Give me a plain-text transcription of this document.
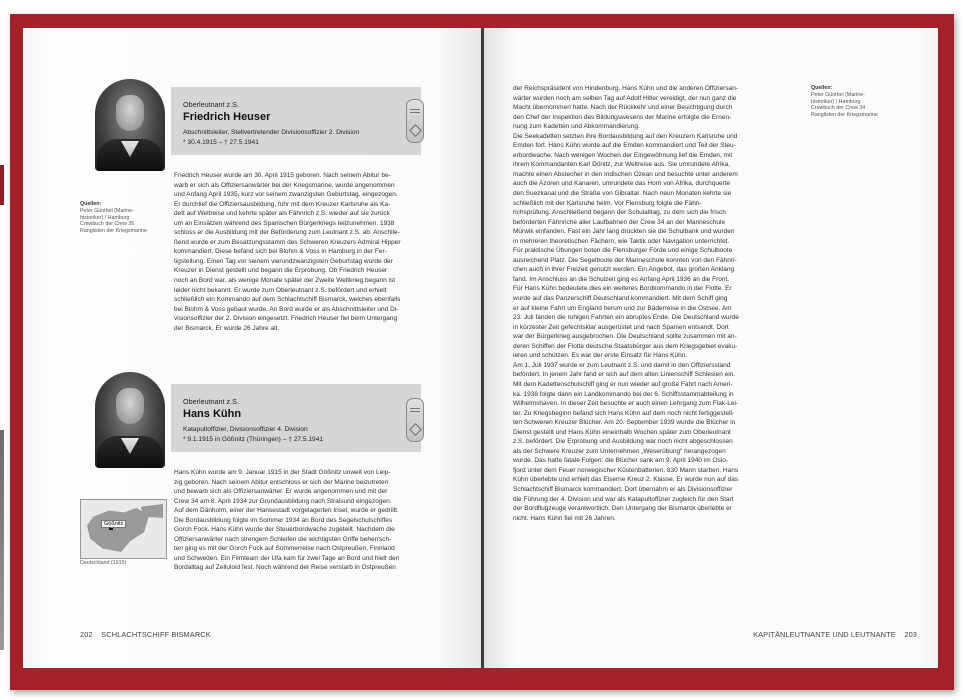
Oberleutnant z.S.
Friedrich Heuser
Abschnittsleiter, Stellvertretender Divisionsoffizier 2. Division
* 30.4.1915 – † 27.5.1941
Quellen:
Peter Günthel (Marine-
historiker) / Hamburg
Crewbuch der Crew 35
Ranglisten der Kriegsmarine
Friedrich Heuser wurde am 30. April 1915 geboren. Nach seinem Abitur be-
warb er sich als Offiziersanwärter bei der Kriegsmarine, wurde angenommen
und Anfang April 1935, kurz vor seinem zwanzigsten Geburtstag, eingezogen.
Er durchlief die Offiziersausbildung, fuhr mit dem Kreuzer Karlsruhe als Ka-
dett auf Weltreise und kehrte später als Fähnrich z.S. wieder auf sie zurück
um an Einsätzen während des Spanischen Bürgerkriegs teilzunehmen. 1938
schloss er die Ausbildung mit der Beförderung zum Leutnant z.S. ab. Anschlie-
ßend wurde er zum Besatzungsstamm des Schweren Kreuzers Admiral Hipper
kommandiert. Diese befand sich bei Blohm & Voss in Hamburg in der Fer-
tigstellung. Einen Tag vor seinem vierundzwanzigsten Geburtstag wurde der
Kreuzer in Dienst gestellt und begann die Erprobung. Ob Friedrich Heuser
noch an Bord war, als wenige Monate später der Zweite Weltkrieg begann ist
leider nicht bekannt. Er wurde zum Oberleutnant z.S. befördert und erhielt
schließlich ein Kommando auf dem Schlachtschiff Bismarck, welches ebenfalls
bei Blohm & Voss gebaut wurde. An Bord wurde er als Abschnittsleiter und Di-
visionsoffizier der 2. Division eingesetzt. Friedrich Heuser fiel beim Untergang
der Bismarck. Er wurde 26 Jahre alt.
Oberleutnant z.S.
Hans Kühn
Katapultoffizier, Divisionsoffizier 4. Division
* 9.1.1915 in Gößnitz (Thüringen) – † 27.5.1941
Hans Kühn wurde am 9. Januar 1915 in der Stadt Gößnitz unweit von Leip-
zig geboren. Nach seinem Abitur entschloss er sich der Marine beizutreten
und bewarb sich als Offiziersanwärter. Er wurde angenommen und mit der
Crew 34 am 8. April 1934 zur Grundausbildung nach Stralsund eingezogen.
Auf dem Dänholm, einer der Hansestadt vorgelagerten Insel, wurde er gedrillt.
Die Bordausbildung folgte im Sommer 1934 an Bord des Segelschulschiffes
Gorch Fock. Hans Kühn wurde der Steuerbordwache zugeteilt. Nachdem die
Offiziersanwärter nach strengem Schleifen die wichtigsten Griffe beherrsch-
ten ging es mit der Gorch Fock auf Sommerreise nach Ostpreußen, Finnland
und Schweden. Ein Filmteam der Ufa kam für zwei Tage an Bord und hielt den
Bordalltag auf Zelluloid fest. Noch während der Reise verstarb in Ostpreußen
202 SCHLACHTSCHIFF BISMARCK
Gößnitz
Deutschland (1915)
der Reichspräsident von Hindenburg. Hans Kühn und die anderen Offiziersan-
wärter wurden noch am selben Tag auf Adolf Hitler vereidigt, der nun ganz die
Macht übernommen hatte. Nach der Rückkehr und einer Besichtigung durch
den Chef der Inspektion des Bildungswesens der Marine erfolgte die Ernen-
nung zum Kadetten und Abkommandierung.
Die Seekadetten setzten ihre Bordausbildung auf den Kreuzern Karlsruhe und
Emden fort. Hans Kühn wurde auf die Emden kommandiert und Teil der Steu-
erbordwache. Nach wenigen Wochen der Eingewöhnung lief die Emden, mit
ihrem Kommandanten Karl Dönitz, zur Weltreise aus. Sie umrundete Afrika,
machte einen Abstecher in den Indischen Ozean und besuchte unter anderem
auch die Azoren und Kanaren, umrundete das Horn von Afrika, durchquerte
den Suezkanal und die Straße von Gibraltar. Nach neun Monaten kehrte sie
schließlich mit der Karlsruhe heim. Vor Flensburg folgte die Fähn-
richsprüfung. Anschließend begann der Schulalltag, zu dem sich die frisch
beförderten Fähnriche aller Laufbahnen der Crew 34 an der Marineschule
Mürwik einfanden. Fast ein Jahr lang drückten sie die Schulbank und wurden
in mehreren theoretischen Fächern, wie Taktik oder Navigation unterrichtet.
Für praktische Übungen boten die Flensburger Förde und einige Schulboote
ausreichend Platz. Die Segelboote der Marineschule konnten von den Fähnri-
chen auch in ihrer Freizeit genutzt werden. Ein Angebot, das großen Anklang
fand. Im Anschluss an die Schulzeit ging es Anfang April 1936 an die Front.
Für Hans Kühn bedeutete dies ein weiteres Bordkommando in der Flotte. Er
wurde auf das Panzerschiff Deutschland kommandiert. Mit dem Schiff ging
er auf kleine Fahrt um England herum und zur Bäderreise in die Ostsee. Am
23. Juli fanden die ruhigen Fahrten ein abruptes Ende. Die Deutschland wurde
in kürzester Zeit gefechtsklar ausgerüstet und nach Spanien entsandt. Dort
war der Bürgerkrieg ausgebrochen. Die Deutschland sollte zusammen mit an-
deren Schiffen der Flotte deutsche Staatsbürger aus dem Kriegsgebiet evaku-
ieren und schützen. Es war der erste Einsatz für Hans Kühn.
Am 1. Juli 1937 wurde er zum Leutnant z.S. und damit in den Offiziersstand
befördert. In jenem Jahr fand er sich auf dem alten Linienschiff Schlesien ein.
Mit dem Kadettenschulschiff ging er nun wieder auf große Fahrt nach Ameri-
ka. 1938 folgte dann ein Landkommando bei der 6. Schiffsstammabteilung in
Wilhelmshaven. In dieser Zeit besuchte er auch einen Lehrgang zum Flak-Lei-
ter. Zu Kriegsbeginn befand sich Hans Kühn auf dem noch nicht fertiggestell-
ten Schweren Kreuzer Blücher. Am 20. September 1939 wurde die Blücher in
Dienst gestellt und Hans Kühn eineinhalb Wochen später zum Oberleutnant
z.S. befördert. Die Erprobung und Ausbildung war noch nicht abgeschlossen
als der Schwere Kreuzer zum Unternehmen „Weserübung“ herangezogen
wurde. Das hatte fatale Folgen: die Blücher sank am 9. April 1940 im Oslo-
fjord unter dem Feuer norwegischer Küstenbatterien. 830 Mann starben. Hans
Kühn überlebte und erhielt das Eiserne Kreuz 2. Klasse. Er wurde nun auf das
Schlachtschiff Bismarck kommandiert. Dort übernahm er als Divisionsoffizier
die Führung der 4. Division und war als Katapultoffizier zugleich für den Start
der Bordflugzeuge verantwortlich. Den Untergang der Bismarck überlebte er
nicht. Hans Kühn fiel mit 26 Jahren.
Quellen:
Peter Günthel (Marine-
historiker) / Hamburg
Crewbuch der Crew 34
Ranglisten der Kriegsmarine
KAPITÄNLEUTNANTE UND LEUTNANTE 203
